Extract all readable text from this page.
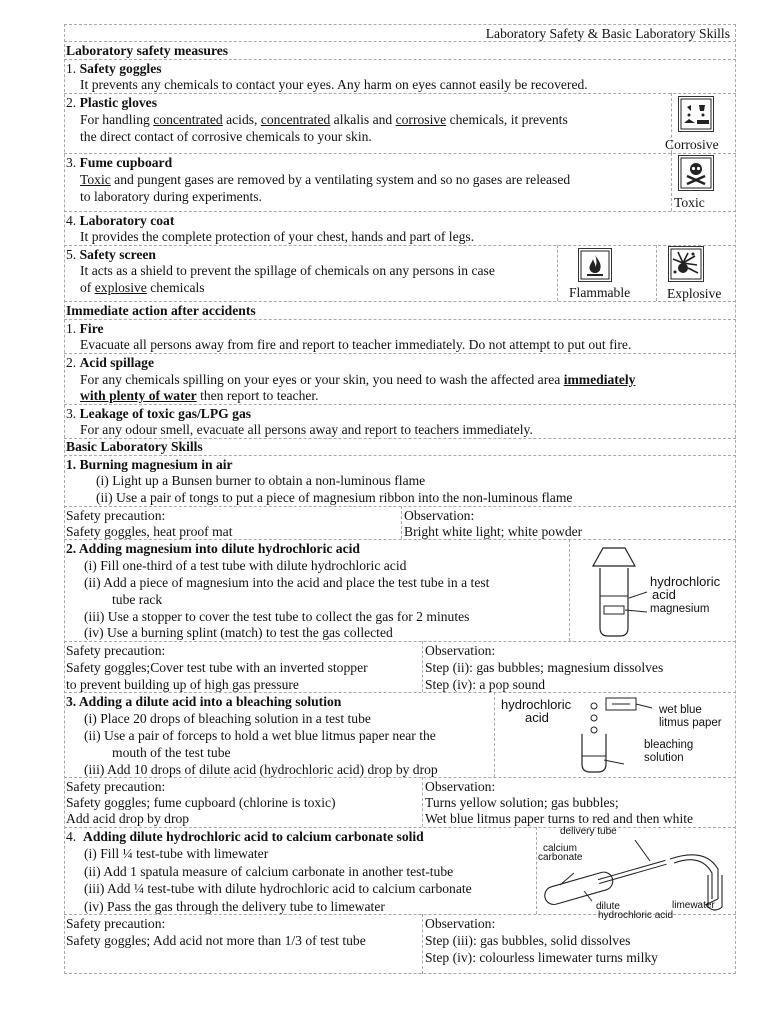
Laboratory Safety & Basic Laboratory Skills
Laboratory safety measures
1. Safety goggles
It prevents any chemicals to contact your eyes. Any harm on eyes cannot easily be recovered.
2. Plastic gloves
For handling concentrated acids, concentrated alkalis and corrosive chemicals, it prevents
the direct contact of corrosive chemicals to your skin.
Corrosive
3. Fume cupboard
Toxic and pungent gases are removed by a ventilating system and so no gases are released
to laboratory during experiments.	Toxic
4. Laboratory coat
It provides the complete protection of your chest, hands and part of legs.
5. Safety screen
It acts as a shield to prevent the spillage of chemicals on any persons in case
of explosive chemicals	Flammable	Explosive
Immediate action after accidents
1. Fire
Evacuate all persons away from fire and report to teacher immediately. Do not attempt to put out fire.
2. Acid spillage
For any chemicals spilling on your eyes or your skin, you need to wash the affected area immediately
with plenty of water then report to teacher.
3. Leakage of toxic gas/LPG gas
For any odour smell, evacuate all persons away and report to teachers immediately.
Basic Laboratory Skills
1. Burning magnesium in air
(i) Light up a Bunsen burner to obtain a non-luminous flame
(ii) Use a pair of tongs to put a piece of magnesium ribbon into the non-luminous flame
Safety precaution:
Safety goggles, heat proof mat
Observation:
Bright white light; white powder
2. Adding magnesium into dilute hydrochloric acid
(i) Fill one-third of a test tube with dilute hydrochloric acid
(ii) Add a piece of magnesium into the acid and place the test tube in a test
tube rack
(iii) Use a stopper to cover the test tube to collect the gas for 2 minutes
(iv) Use a burning splint (match) to test the gas collected
hydrochloric
acid
magnesium
Safety precaution:
Safety goggles;Cover test tube with an inverted stopper
to prevent building up of high gas pressure
Observation:
Step (ii): gas bubbles; magnesium dissolves
Step (iv): a pop sound
3. Adding a dilute acid into a bleaching solution
(i) Place 20 drops of bleaching solution in a test tube
(ii) Use a pair of forceps to hold a wet blue litmus paper near the
mouth of the test tube
(iii) Add 10 drops of dilute acid (hydrochloric acid) drop by drop
hydrochloric
acid	wet blue
litmus paper
bleaching
solution
Safety precaution:
Safety goggles; fume cupboard (chlorine is toxic)
Add acid drop by drop
Observation:
Turns yellow solution; gas bubbles;
Wet blue litmus paper turns to red and then white
4. Adding dilute hydrochloric acid to calcium carbonate solid
(i) Fill ¼ test-tube with limewater
(ii) Add 1 spatula measure of calcium carbonate in another test-tube
(iii) Add ¼ test-tube with dilute hydrochloric acid to calcium carbonate
(iv) Pass the gas through the delivery tube to limewater
delivery tube
calcium
carbonate
dilute
hydrochloric acid
limewater
Safety precaution:
Safety goggles; Add acid not more than 1/3 of test tube
Observation:
Step (iii): gas bubbles, solid dissolves
Step (iv): colourless limewater turns milky
